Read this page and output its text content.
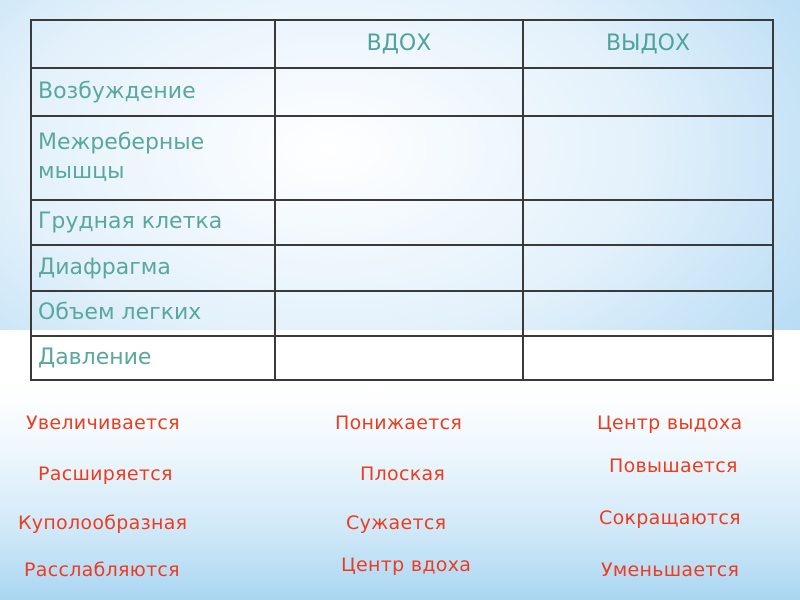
	ВДОХ	ВЫДОХ
Возбуждение		
Межреберные мышцы		
Грудная клетка		
Диафрагма		
Объем легких		
Давление		
Увеличивается	Понижается	Центр выдоха
Расширяется	Плоская	Повышается
Куполообразная	Сужается	Сокращаются
Расслабляются	Центр вдоха	Уменьшается
